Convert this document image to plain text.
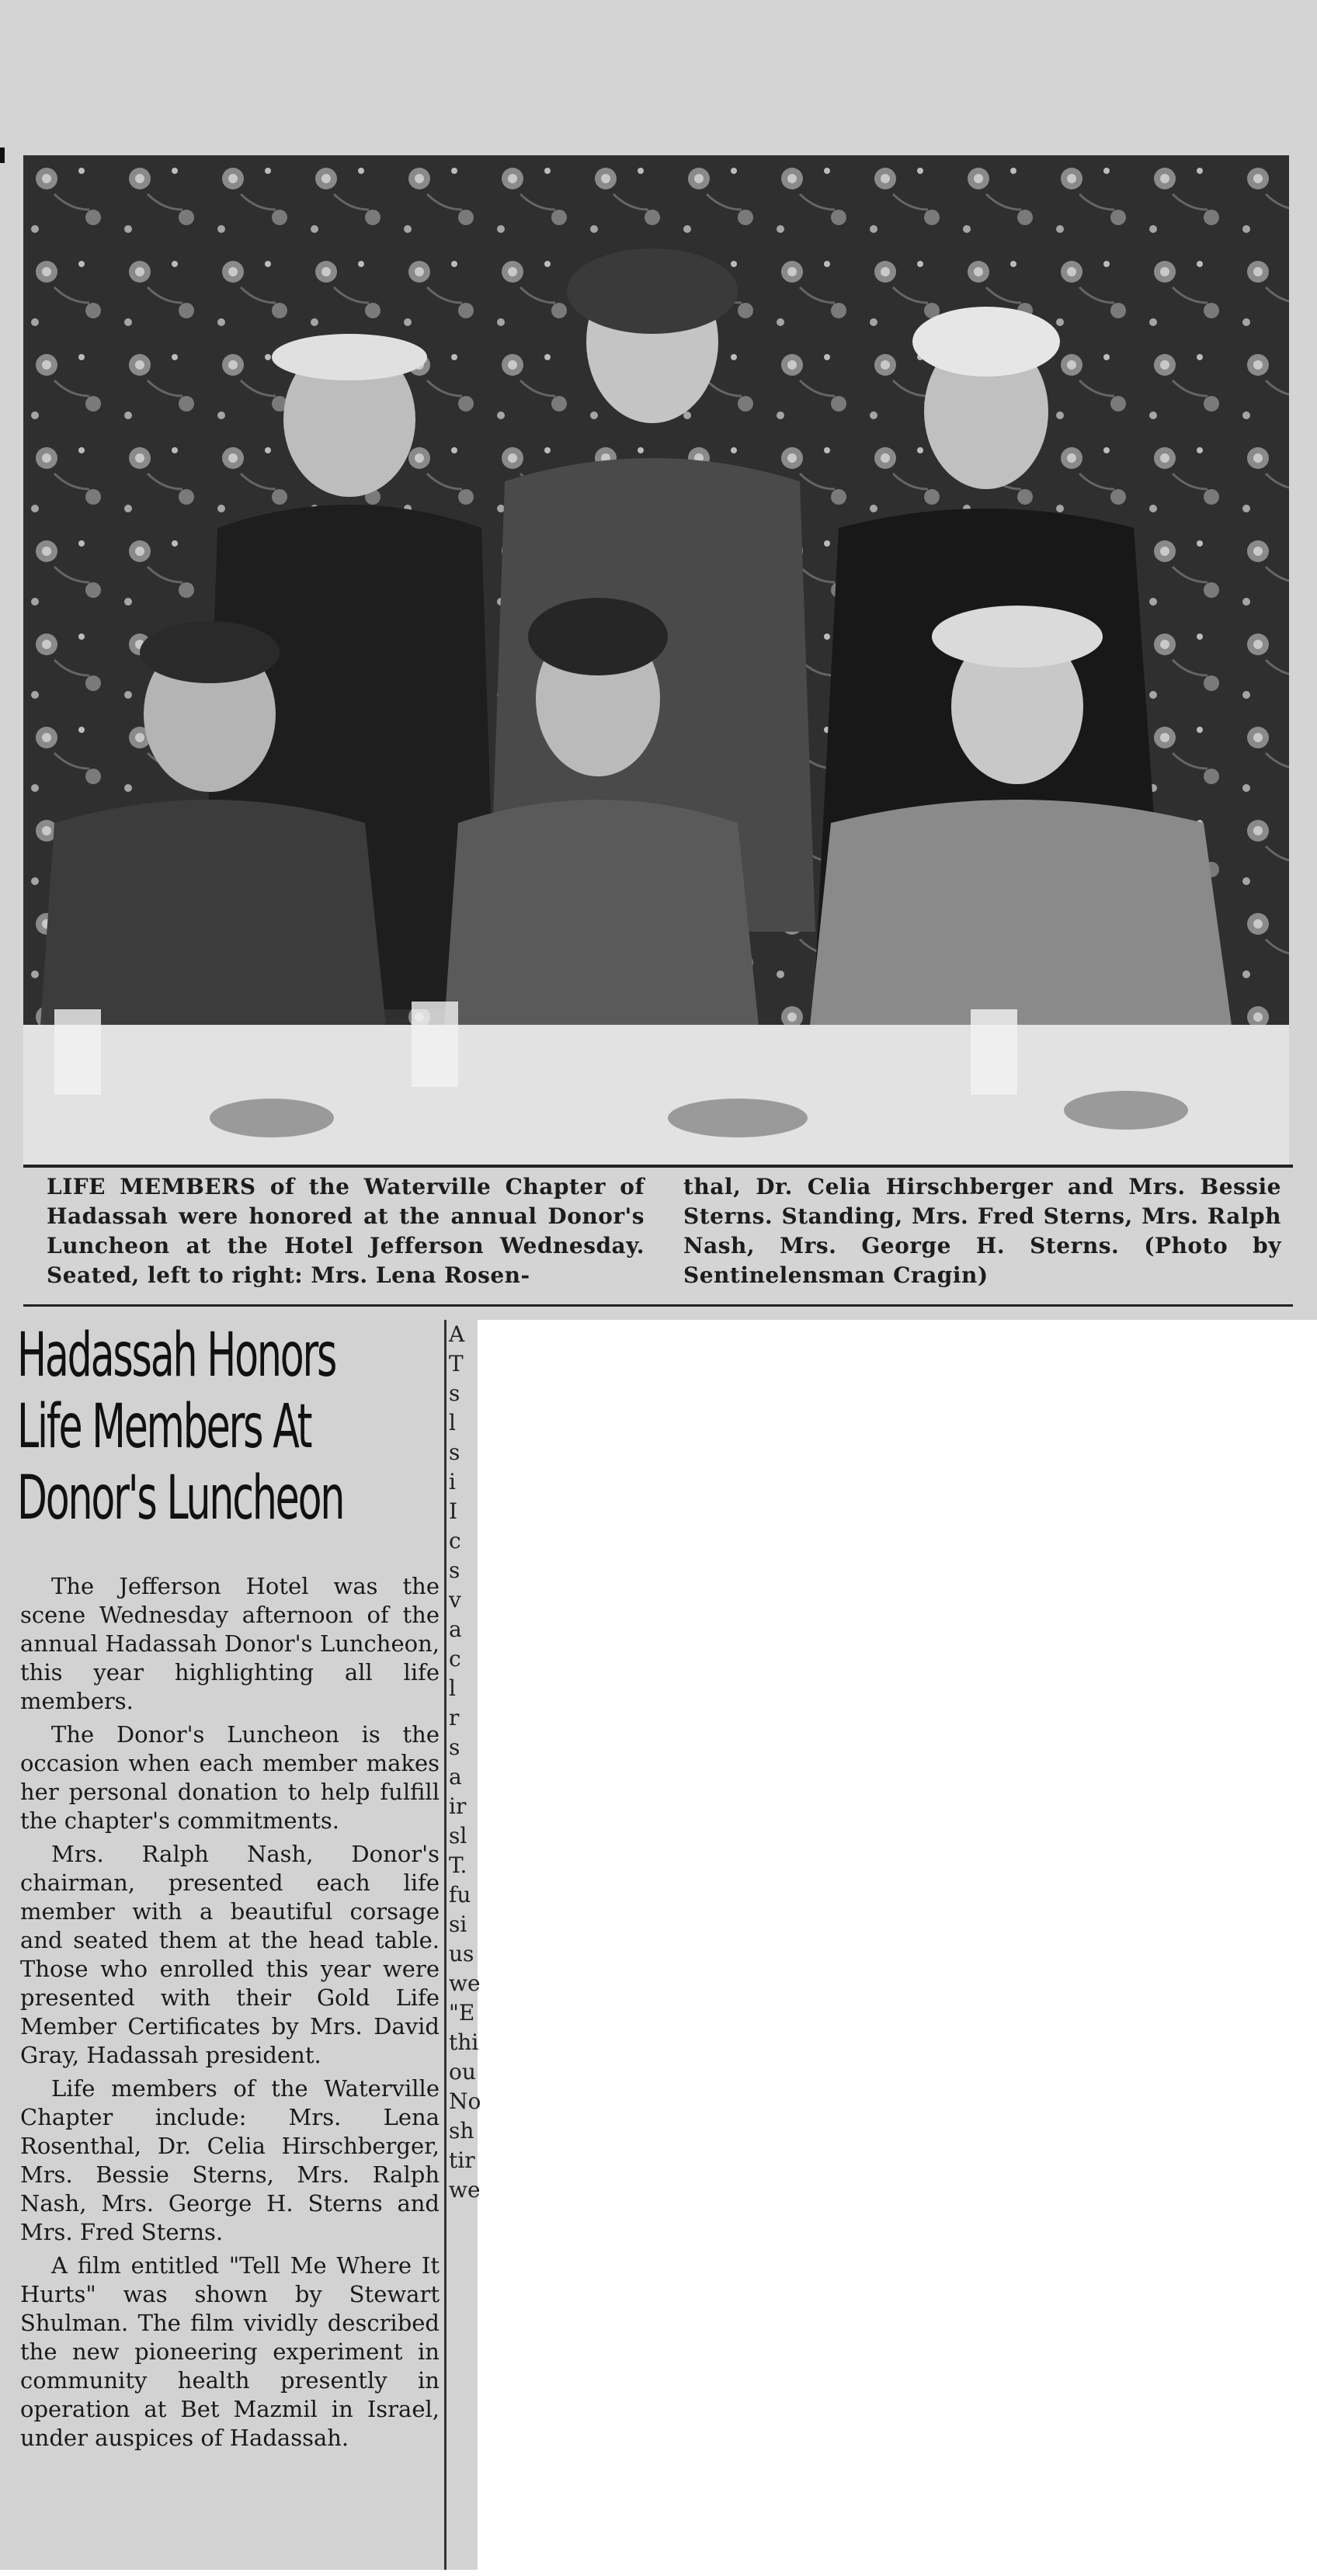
LIFE MEMBERS of the Waterville Chapter of Hadassah were honored at the annual Donor's Luncheon at the Hotel Jefferson Wednesday. Seated, left to right: Mrs. Lena Rosen-
thal, Dr. Celia Hirschberger and Mrs. Bessie Sterns. Standing, Mrs. Fred Sterns, Mrs. Ralph Nash, Mrs. George H. Sterns. (Photo by Sentinelensman Cragin)
Hadassah Honors
Life Members At
Donor's Luncheon

The Jefferson Hotel was the scene Wednesday afternoon of the annual Hadassah Donor's Luncheon, this year highlighting all life members.

The Donor's Luncheon is the occasion when each member makes her personal donation to help fulfill the chapter's commitments.

Mrs. Ralph Nash, Donor's chairman, presented each life member with a beautiful corsage and seated them at the head table. Those who enrolled this year were presented with their Gold Life Member Certificates by Mrs. David Gray, Hadassah president.

Life members of the Waterville Chapter include: Mrs. Lena Rosenthal, Dr. Celia Hirschberger, Mrs. Bessie Sterns, Mrs. Ralph Nash, Mrs. George H. Sterns and Mrs. Fred Sterns.

A film entitled "Tell Me Where It Hurts" was shown by Stewart Shulman. The film vividly described the new pioneering experiment in community health presently in operation at Bet Mazmil in Israel, under auspices of Hadassah.

A
T
s
l
s
i
I
c
s
v
a
c
l
r
s
a
ir
sl
T.
fu
si
us
we
"E
thi
ou
No
sh
tir
we
